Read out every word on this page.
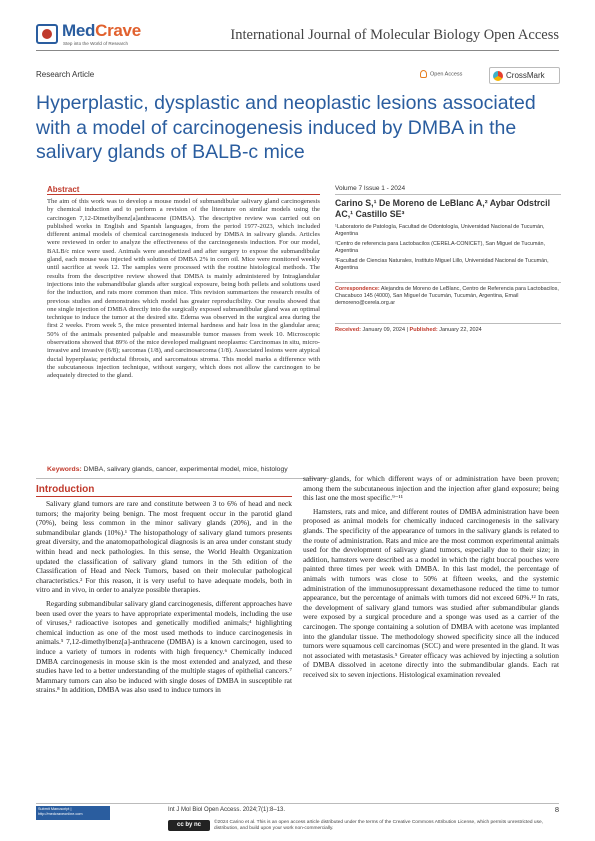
MedCrave
Step into the World of Research
International Journal of Molecular Biology Open Access
Research Article	Open Access	CrossMark
Hyperplastic, dysplastic and neoplastic lesions associated with a model of carcinogenesis induced by DMBA in the salivary glands of BALB-c mice
Abstract
The aim of this work was to develop a mouse model of submandibular salivary gland carcinogenesis by chemical induction and to perform a revision of the literature on similar models using the carcinogen 7,12-Dimethylbenz[a]anthracene (DMBA). The descriptive review was carried out on published works in English and Spanish languages, from the period 1977-2023, which included different animal models of chemical carcinogenesis induced by DMBA in salivary glands. Articles were reviewed in order to analyze the effectiveness of the carcinogenesis induction. For our model, BALB/c mice were used. Animals were anesthetized and after surgery to expose the submandibular gland, each mouse was injected with solution of DMBA 2% in corn oil. Mice were monitored weekly until sacrifice at week 12. The samples were processed with the routine histological methods. The results from the descriptive review showed that DMBA is mainly administered by Intraglandular injections into the submandibular glands after surgical exposure, being both pellets and solutions used for the induction, and rats more common than mice. This revision summarizes the research results of previous studies and demonstrates which model has greater reproducibility. Our results showed that one single injection of DMBA directly into the surgically exposed submandibular gland was an optimal technique to induce the tumor at the desired site. Edema was observed in the surgical area during the first 2 weeks. From week 5, the mice presented internal hardness and hair loss in the glandular area; 50% of the animals presented palpable and measurable tumor masses from week 10. Microscopic observations showed that 89% of the mice developed malignant neoplasms: Carcinomas in situ, micro-invasive and invasive (6/8); sarcomas (1/8), and carcinosarcoma (1/8). Associated lesions were atypical ductal hyperplasia; periductal fibrosis, and sarcomatous stroma. This model marks a difference with the subcutaneous injection technique, without surgery, which does not allow the carcinogen to be adequately directed to the gland.
Keywords: DMBA, salivary glands, cancer, experimental model, mice, histology
Volume 7 Issue 1 - 2024
Carino S,¹ De Moreno de LeBlanc A,² Aybar Odstrcil AC,¹ Castillo SE³

¹Laboratorio de Patología, Facultad de Odontología, Universidad Nacional de Tucumán, Argentina

²Centro de referencia para Lactobacilos (CERELA-CONICET), San Miguel de Tucumán, Argentina

³Facultad de Ciencias Naturales, Instituto Miguel Lillo, Universidad Nacional de Tucumán, Argentina

Correspondence: Alejandra de Moreno de LeBlanc, Centro de Referencia para Lactobacilos, Chacabuco 145 (4000), San Miguel de Tucumán, Tucumán, Argentina, Email demoreno@cerela.org.ar
Received: January 09, 2024 | Published: January 22, 2024
Introduction

Salivary gland tumors are rare and constitute between 3 to 6% of head and neck tumors; the majority being benign. The most frequent occur in the parotid gland (70%), being less common in the minor salivary glands (20%), and in the submandibular glands (10%).¹ The histopathology of salivary gland tumors presents great diversity, and the anatomopathological diagnosis is an area under constant study within head and neck pathologies. In this sense, the World Health Organization updated the classification of salivary gland tumors in the 5th edition of the Classification of Head and Neck Tumors, based on their molecular pathological characteristics.² For this reason, it is very useful to have adequate models, both in vitro and in vivo, in order to analyze possible therapies.

Regarding submandibular salivary gland carcinogenesis, different approaches have been used over the years to have appropriate experimental models, including the use of viruses,³ radioactive isotopes and genetically modified animals;⁴ highlighting chemical induction as one of the most used methods to induce carcinogenesis in animals.⁵ 7,12-dimethylbenz[a]-anthracene (DMBA) is a known carcinogen, used to induce a variety of tumors in rodents with high frequency.⁶ Chemically induced DMBA carcinogenesis in mouse skin is the most extended and analyzed, and these studies have led to a better understanding of the multiple stages of epithelial cancers.⁷ Mammary tumors can also be induced with single doses of DMBA in susceptible rat strains.⁸ In addition, DMBA was also used to induce tumors in

salivary glands, for which different ways of or administration have been proven; among them the subcutaneous injection and the injection after gland exposure; being this last one the most specific.⁹⁻¹¹

Hamsters, rats and mice, and different routes of DMBA administration have been proposed as animal models for chemically induced carcinogenesis in the salivary glands. The specificity of the appearance of tumors in the salivary glands is related to the route of administration. Rats and mice are the most common experimental animals used for the development of salivary gland tumors, especially due to their size; in addition, hamsters were described as a model in which the right buccal pouches were painted three times per week with DMBA. In this last model, the percentage of animals with tumors was close to 50% at fifteen weeks, and the systemic administration of the immunosuppressant dexamethasone reduced the time to tumor appearance, but the percentage of animals with tumors did not exceed 60%.¹² In rats, the development of salivary gland tumors was studied after submandibular glands were exposed by a surgical procedure and a sponge was used as a carrier of the carcinogen. The sponge containing a solution of DMBA with acetone was implanted into the glandular tissue. The methodology showed specificity since all the induced tumors were squamous cell carcinomas (SCC) and were presented in the gland. It was not associated with metastasis.⁵ Greater efficacy was achieved by injecting a solution of DMBA dissolved in acetone directly into the submandibular glands. Each rat received six to seven injections. Histological examination revealed

Submit Manuscript | http://medcraveonline.com
Int J Mol Biol Open Access. 2024;7(1):8‒13.	8
cc by nc	©2024 Carino et al. This is an open access article distributed under the terms of the Creative Commons Attribution License, which permits unrestricted use, distribution, and build upon your work non-commercially.
